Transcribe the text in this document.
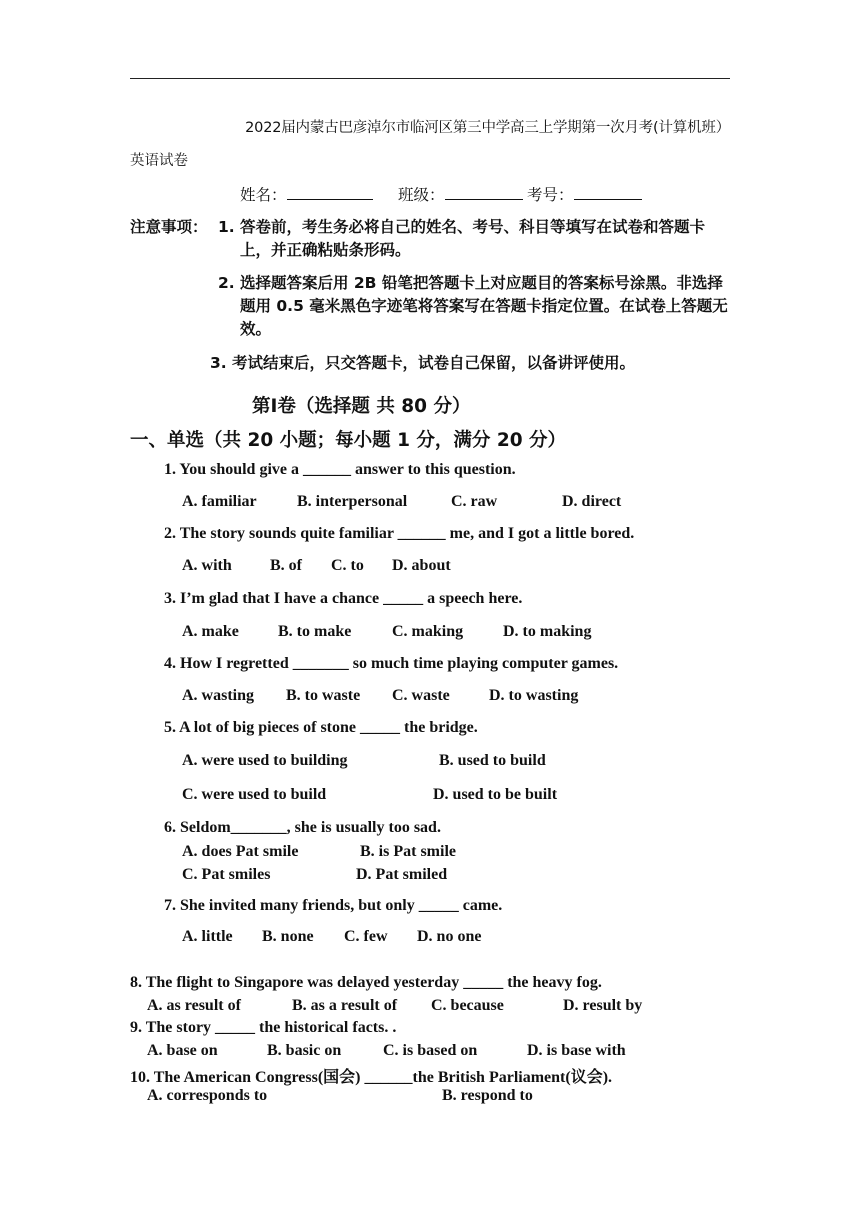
2022届内蒙古巴彦淖尔市临河区第三中学高三上学期第一次月考(计算机班）
英语试卷
姓名：	班级：	考号：
注意事项： 1. 答卷前，考生务必将自己的姓名、考号、科目等填写在试卷和答题卡上，并正确粘贴条形码。
2. 选择题答案后用 2B 铅笔把答题卡上对应题目的答案标号涂黑。非选择题用 0.5 毫米黑色字迹笔将答案写在答题卡指定位置。在试卷上答题无效。
3. 考试结束后，只交答题卡，试卷自己保留，以备讲评使用。
第Ⅰ卷（选择题 共 80 分）
一、单选（共 20 小题；每小题 1 分，满分 20 分）
1. You should give a ______ answer to this question.
A. familiar	B. interpersonal	C. raw	D. direct
2. The story sounds quite familiar ______ me, and I got a little bored.
A. with B. of C. to D. about
3. I’m glad that I have a chance _____ a speech here.
A. make B. to make	C. making D. to making
4. How I regretted _______ so much time playing computer games.
A. wasting B. to waste C. waste D. to wasting
5. A lot of big pieces of stone _____ the bridge.
A. were used to building	B. used to build
C. were used to build	D. used to be built
6. Seldom_______, she is usually too sad.
A. does Pat smile	B. is Pat smile
C. Pat smiles	D. Pat smiled
7. She invited many friends, but only _____ came.
A. little B. none C. few D. no one
8. The flight to Singapore was delayed yesterday _____ the heavy fog.
A. as result of	B. as a result of C. because	D. result by
9. The story _____ the historical facts. .
A. base on	B. basic on	C. is based on	D. is base with
10. The American Congress(国会) ______the British Parliament(议会).
A. corresponds to	B. respond to
